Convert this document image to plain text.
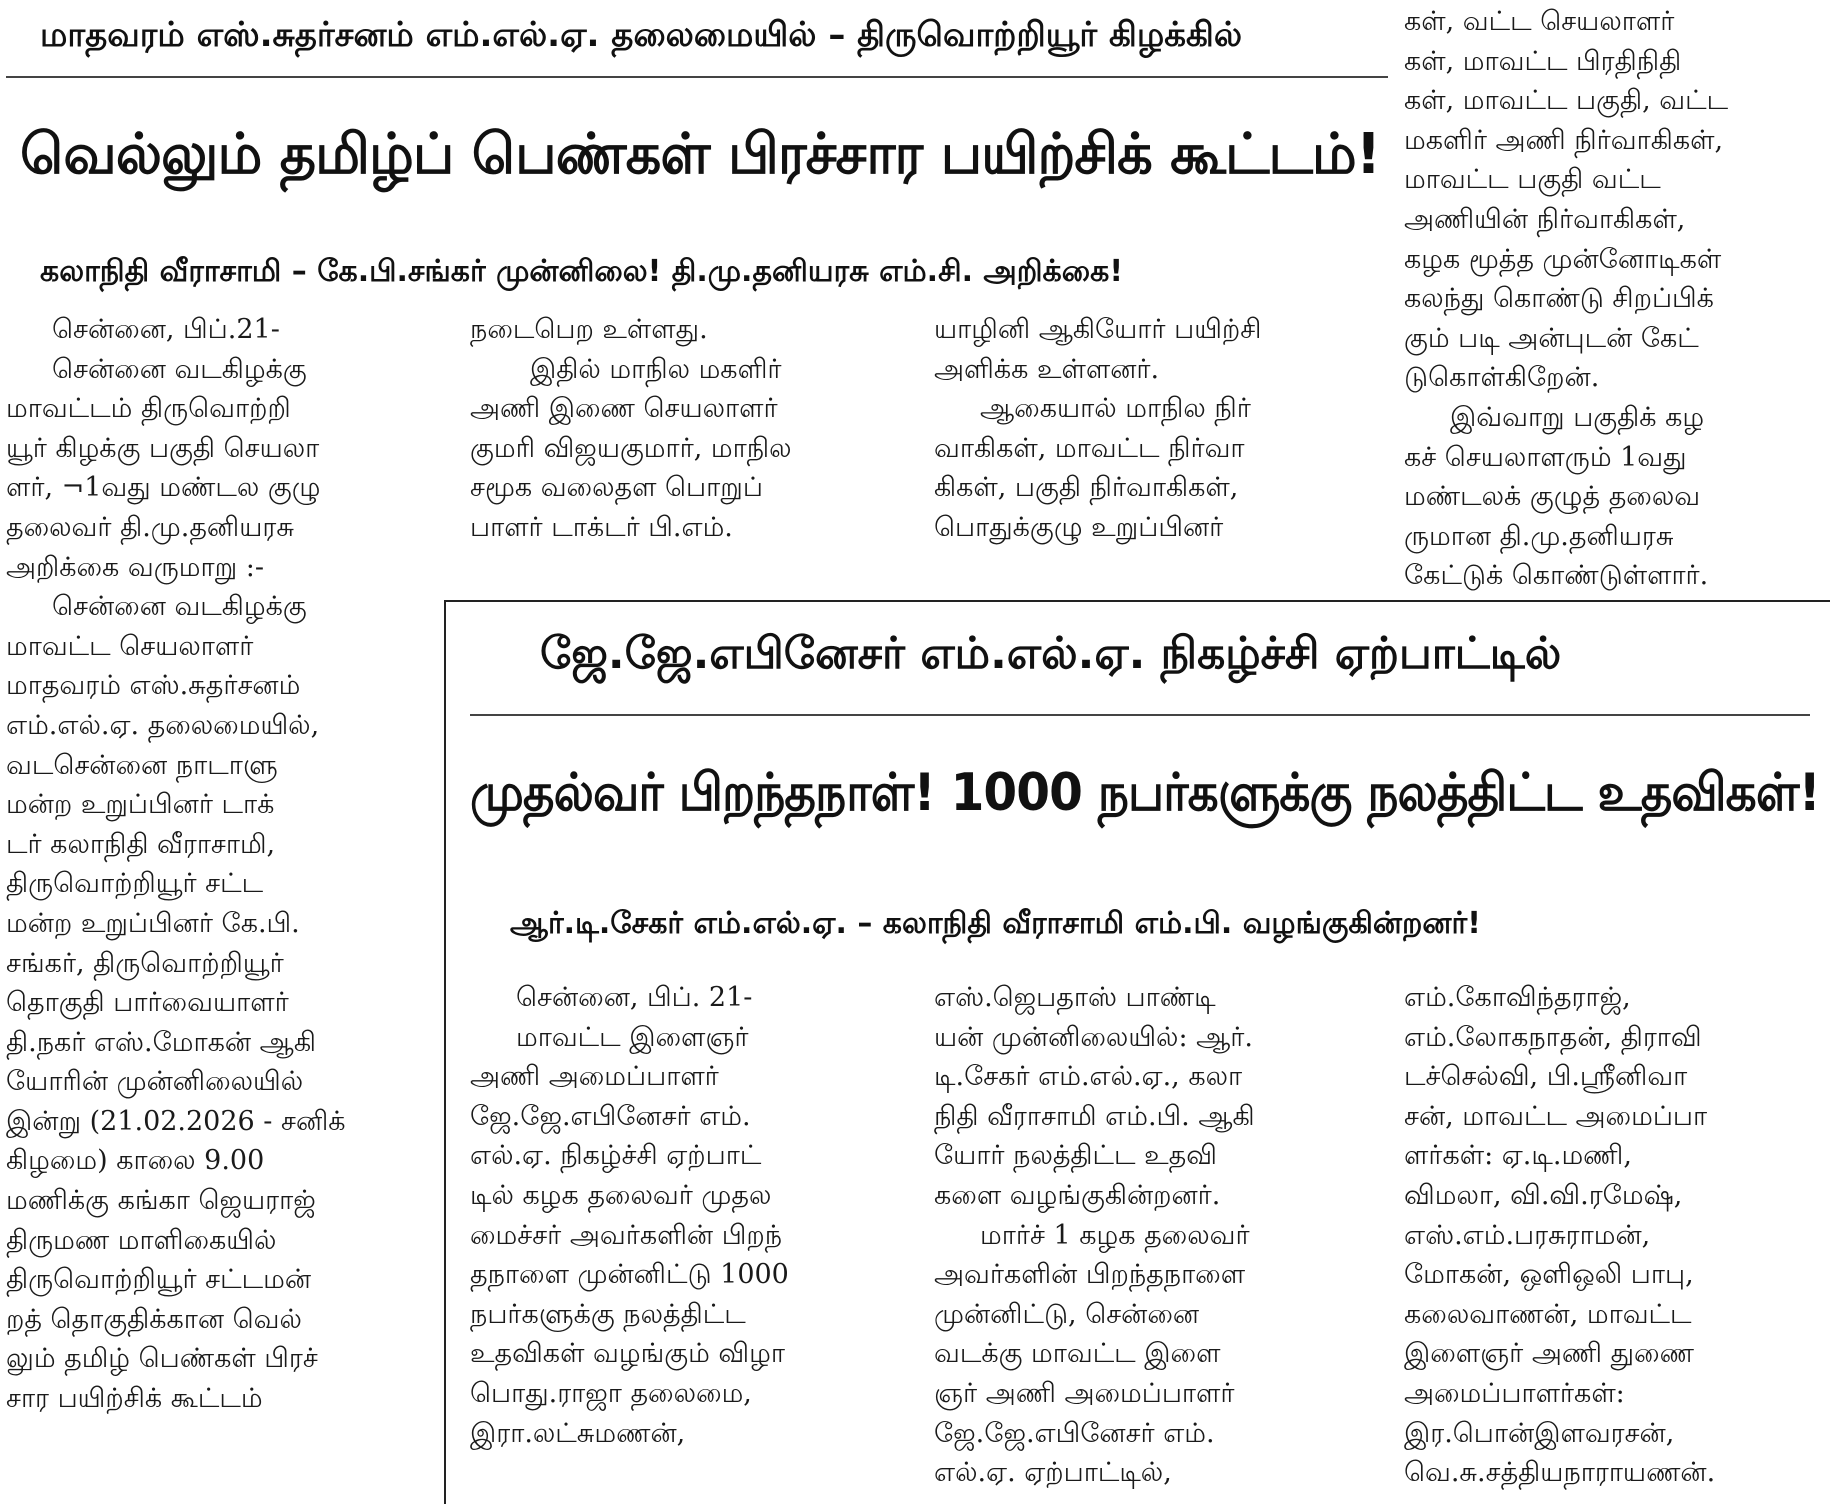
மாதவரம் எஸ்.சுதர்சனம் எம்.எல்.ஏ. தலைமையில் – திருவொற்றியூர் கிழக்கில்
வெல்லும் தமிழ்ப் பெண்கள் பிரச்சார பயிற்சிக் கூட்டம்!
கலாநிதி வீராசாமி – கே.பி.சங்கர் முன்னிலை! தி.மு.தனியரசு எம்.சி. அறிக்கை!
சென்னை, பிப்.21-
சென்னை வடகிழக்கு
மாவட்டம் திருவொற்றி
யூர் கிழக்கு பகுதி செயலா
ளர், ¬1வது மண்டல குழு
தலைவர் தி.மு.தனியரசு
அறிக்கை வருமாறு :-
சென்னை வடகிழக்கு
மாவட்ட செயலாளர்
மாதவரம் எஸ்.சுதர்சனம்
எம்.எல்.ஏ. தலைமையில்,
வடசென்னை நாடாளு
மன்ற உறுப்பினர் டாக்
டர் கலாநிதி வீராசாமி,
திருவொற்றியூர் சட்ட
மன்ற உறுப்பினர் கே.பி.
சங்கர், திருவொற்றியூர்
தொகுதி பார்வையாளர்
தி.நகர் எஸ்.மோகன் ஆகி
யோரின் முன்னிலையில்
இன்று (21.02.2026 - சனிக்
கிழமை) காலை 9.00
மணிக்கு கங்கா ஜெயராஜ்
திருமண மாளிகையில்
திருவொற்றியூர் சட்டமன்
றத் தொகுதிக்கான வெல்
லும் தமிழ் பெண்கள் பிரச்
சார பயிற்சிக் கூட்டம்
நடைபெற உள்ளது.
இதில் மாநில மகளிர்
அணி இணை செயலாளர்
குமரி விஜயகுமார், மாநில
சமூக வலைதள பொறுப்
பாளர் டாக்டர் பி.எம்.
யாழினி ஆகியோர் பயிற்சி
அளிக்க உள்ளனர்.
ஆகையால் மாநில நிர்
வாகிகள், மாவட்ட நிர்வா
கிகள், பகுதி நிர்வாகிகள்,
பொதுக்குழு உறுப்பினர்
கள், வட்ட செயலாளர்
கள், மாவட்ட பிரதிநிதி
கள், மாவட்ட பகுதி, வட்ட
மகளிர் அணி நிர்வாகிகள்,
மாவட்ட பகுதி வட்ட
அணியின் நிர்வாகிகள்,
கழக மூத்த முன்னோடிகள்
கலந்து கொண்டு சிறப்பிக்
கும் படி அன்புடன் கேட்
டுகொள்கிறேன்.
இவ்வாறு பகுதிக் கழ
கச் செயலாளரும் 1வது
மண்டலக் குழுத் தலைவ
ருமான தி.மு.தனியரசு
கேட்டுக் கொண்டுள்ளார்.
ஜே.ஜே.எபினேசர் எம்.எல்.ஏ. நிகழ்ச்சி ஏற்பாட்டில்
முதல்வர் பிறந்தநாள்! 1000 நபர்களுக்கு நலத்திட்ட உதவிகள்!
ஆர்.டி.சேகர் எம்.எல்.ஏ. – கலாநிதி வீராசாமி எம்.பி. வழங்குகின்றனர்!
சென்னை, பிப். 21-
மாவட்ட இளைஞர்
அணி அமைப்பாளர்
ஜே.ஜே.எபினேசர் எம்.
எல்.ஏ. நிகழ்ச்சி ஏற்பாட்
டில் கழக தலைவர் முதல
மைச்சர் அவர்களின் பிறந்
தநாளை முன்னிட்டு 1000
நபர்களுக்கு நலத்திட்ட
உதவிகள் வழங்கும் விழா
பொது.ராஜா தலைமை,
இரா.லட்சுமணன்,
எஸ்.ஜெபதாஸ் பாண்டி
யன் முன்னிலையில்: ஆர்.
டி.சேகர் எம்.எல்.ஏ., கலா
நிதி வீராசாமி எம்.பி. ஆகி
யோர் நலத்திட்ட உதவி
களை வழங்குகின்றனர்.
மார்ச் 1 கழக தலைவர்
அவர்களின் பிறந்தநாளை
முன்னிட்டு, சென்னை
வடக்கு மாவட்ட இளை
ஞர் அணி அமைப்பாளர்
ஜே.ஜே.எபினேசர் எம்.
எல்.ஏ. ஏற்பாட்டில்,
எம்.கோவிந்தராஜ்,
எம்.லோகநாதன், திராவி
டச்செல்வி, பி.ஸ்ரீனிவா
சன், மாவட்ட அமைப்பா
ளர்கள்: ஏ.டி.மணி,
விமலா, வி.வி.ரமேஷ்,
எஸ்.எம்.பரசுராமன்,
மோகன், ஒளிஒலி பாபு,
கலைவாணன், மாவட்ட
இளைஞர் அணி துணை
அமைப்பாளர்கள்:
இர.பொன்இளவரசன்,
வெ.சு.சத்தியநாராயணன்.
